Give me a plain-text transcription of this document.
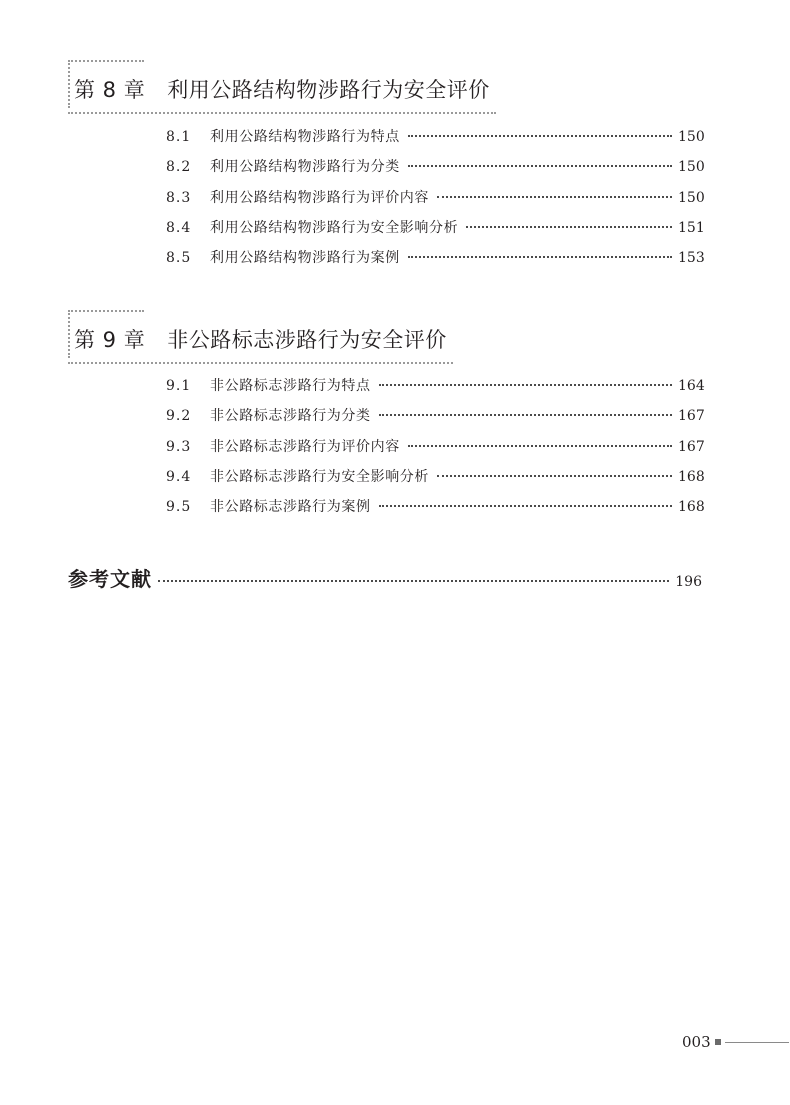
第 8 章 利用公路结构物涉路行为安全评价
8.1	利用公路结构物涉路行为特点	150
8.2	利用公路结构物涉路行为分类	150
8.3	利用公路结构物涉路行为评价内容	150
8.4	利用公路结构物涉路行为安全影响分析	151
8.5	利用公路结构物涉路行为案例	153
第 9 章 非公路标志涉路行为安全评价
9.1	非公路标志涉路行为特点	164
9.2	非公路标志涉路行为分类	167
9.3	非公路标志涉路行为评价内容	167
9.4	非公路标志涉路行为安全影响分析	168
9.5	非公路标志涉路行为案例	168
参考文献	196
003
